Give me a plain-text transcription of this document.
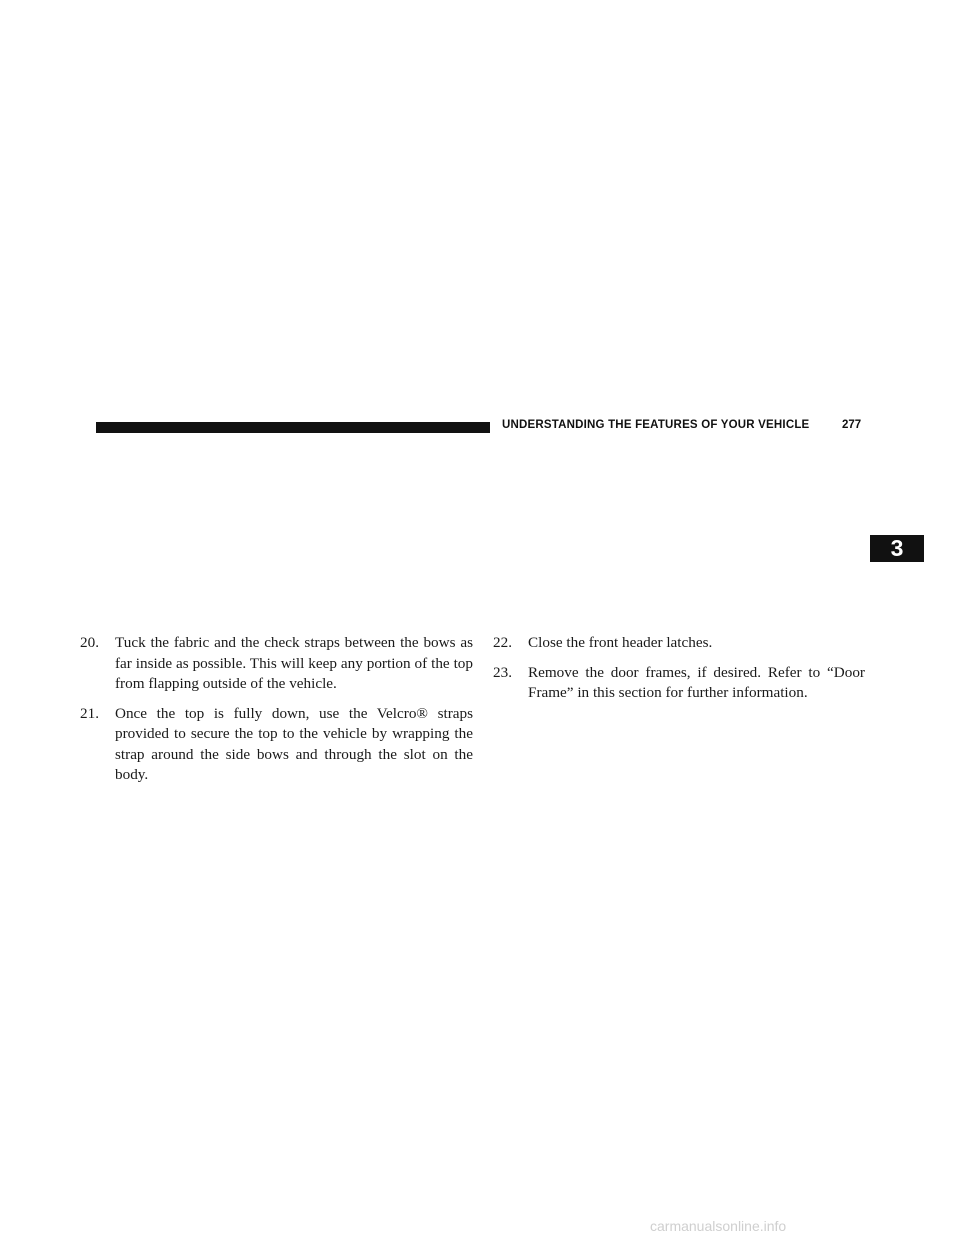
UNDERSTANDING THE FEATURES OF YOUR VEHICLE	277
3
20.	Tuck the fabric and the check straps between the bows as far inside as possible. This will keep any portion of the top from flapping outside of the vehicle.
21.	Once the top is fully down, use the Velcro® straps provided to secure the top to the vehicle by wrapping the strap around the side bows and through the slot on the body.
22.	Close the front header latches.
23.	Remove the door frames, if desired. Refer to “Door Frame” in this section for further information.
carmanualsonline.info
